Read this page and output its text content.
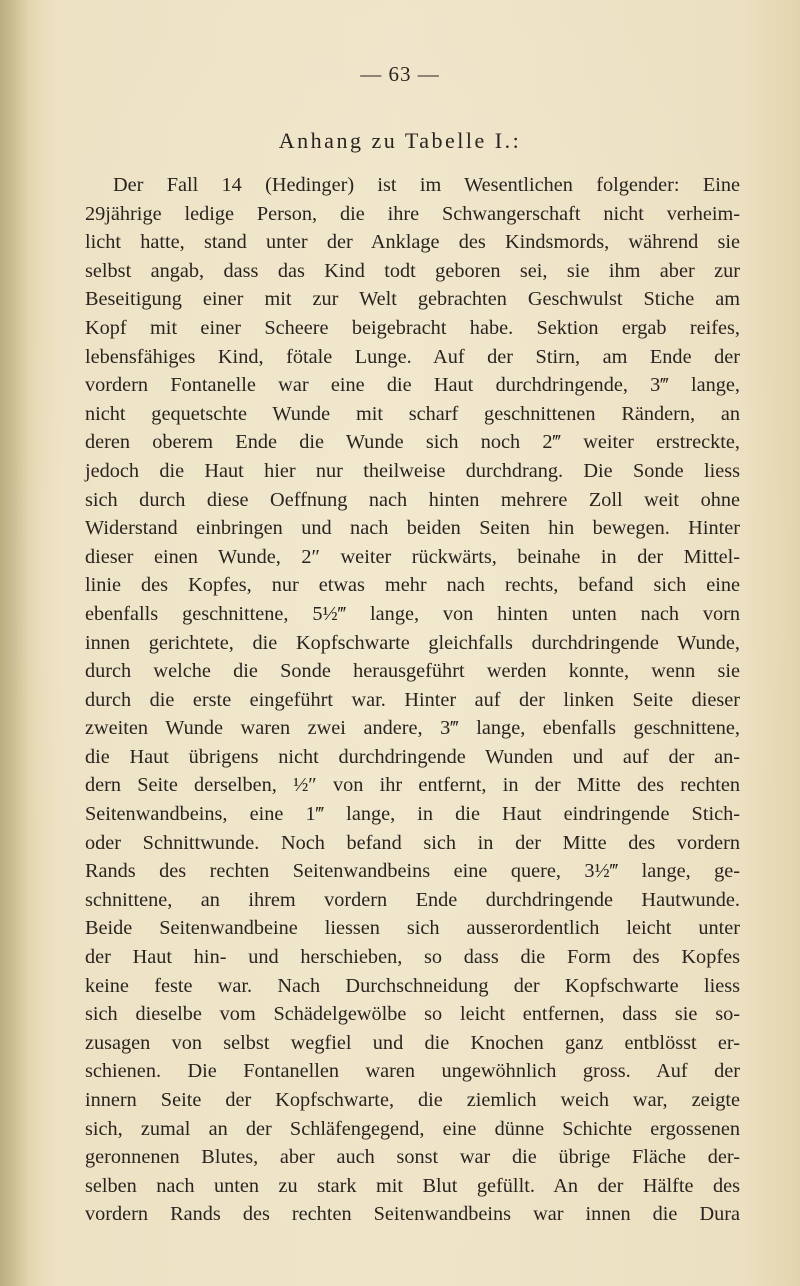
— 63 —
Anhang zu Tabelle I.:
Der Fall 14 (Hedinger) ist im Wesentlichen folgender: Eine
29jährige ledige Person, die ihre Schwangerschaft nicht verheim-
licht hatte, stand unter der Anklage des Kindsmords, während sie
selbst angab, dass das Kind todt geboren sei, sie ihm aber zur
Beseitigung einer mit zur Welt gebrachten Geschwulst Stiche am
Kopf mit einer Scheere beigebracht habe. Sektion ergab reifes,
lebensfähiges Kind, fötale Lunge. Auf der Stirn, am Ende der
vordern Fontanelle war eine die Haut durchdringende, 3‴ lange,
nicht gequetschte Wunde mit scharf geschnittenen Rändern, an
deren oberem Ende die Wunde sich noch 2‴ weiter erstreckte,
jedoch die Haut hier nur theilweise durchdrang. Die Sonde liess
sich durch diese Oeffnung nach hinten mehrere Zoll weit ohne
Widerstand einbringen und nach beiden Seiten hin bewegen. Hinter
dieser einen Wunde, 2″ weiter rückwärts, beinahe in der Mittel-
linie des Kopfes, nur etwas mehr nach rechts, befand sich eine
ebenfalls geschnittene, 5½‴ lange, von hinten unten nach vorn
innen gerichtete, die Kopfschwarte gleichfalls durchdringende Wunde,
durch welche die Sonde herausgeführt werden konnte, wenn sie
durch die erste eingeführt war. Hinter auf der linken Seite dieser
zweiten Wunde waren zwei andere, 3‴ lange, ebenfalls geschnittene,
die Haut übrigens nicht durchdringende Wunden und auf der an-
dern Seite derselben, ½″ von ihr entfernt, in der Mitte des rechten
Seitenwandbeins, eine 1‴ lange, in die Haut eindringende Stich-
oder Schnittwunde. Noch befand sich in der Mitte des vordern
Rands des rechten Seitenwandbeins eine quere, 3½‴ lange, ge-
schnittene, an ihrem vordern Ende durchdringende Hautwunde.
Beide Seitenwandbeine liessen sich ausserordentlich leicht unter
der Haut hin- und herschieben, so dass die Form des Kopfes
keine feste war. Nach Durchschneidung der Kopfschwarte liess
sich dieselbe vom Schädelgewölbe so leicht entfernen, dass sie so-
zusagen von selbst wegfiel und die Knochen ganz entblösst er-
schienen. Die Fontanellen waren ungewöhnlich gross. Auf der
innern Seite der Kopfschwarte, die ziemlich weich war, zeigte
sich, zumal an der Schläfengegend, eine dünne Schichte ergossenen
geronnenen Blutes, aber auch sonst war die übrige Fläche der-
selben nach unten zu stark mit Blut gefüllt. An der Hälfte des
vordern Rands des rechten Seitenwandbeins war innen die Dura
